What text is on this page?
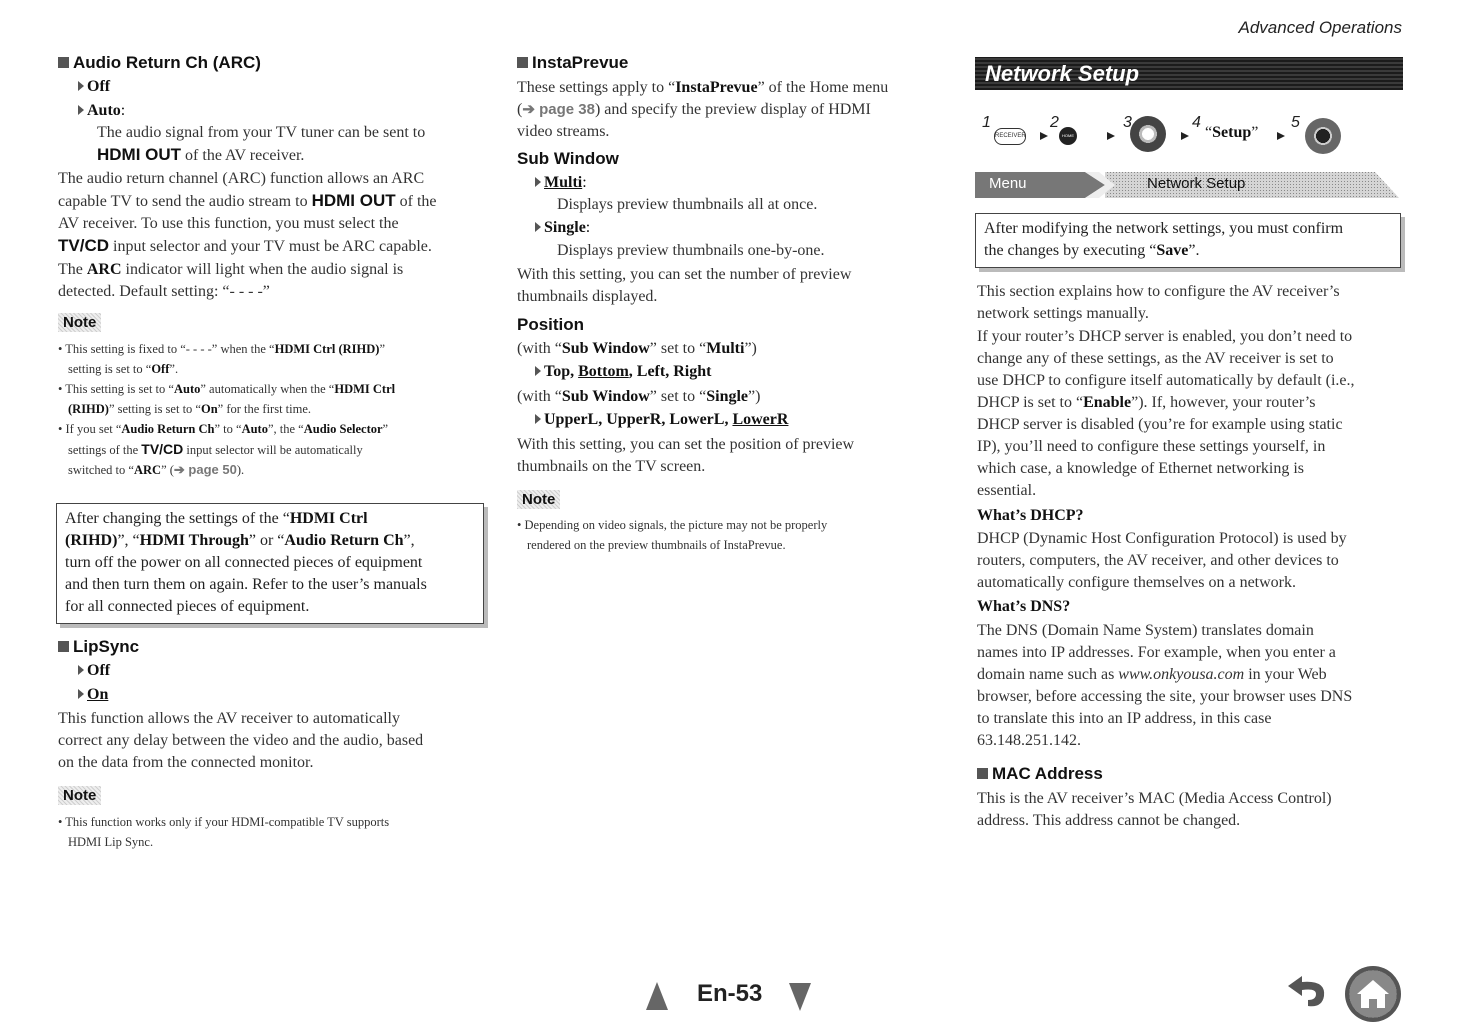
Advanced Operations
Audio Return Ch (ARC)
Off
Auto:
The audio signal from your TV tuner can be sent to
HDMI OUT of the AV receiver.
The audio return channel (ARC) function allows an ARC
capable TV to send the audio stream to HDMI OUT of the
AV receiver. To use this function, you must select the
TV/CD input selector and your TV must be ARC capable.
The ARC indicator will light when the audio signal is
detected. Default setting: “- - - -”
Note
• This setting is fixed to “- - - -” when the “HDMI Ctrl (RIHD)”
setting is set to “Off”.
• This setting is set to “Auto” automatically when the “HDMI Ctrl
(RIHD)” setting is set to “On” for the first time.
• If you set “Audio Return Ch” to “Auto”, the “Audio Selector”
settings of the TV/CD input selector will be automatically
switched to “ARC” (➔ page 50).
After changing the settings of the “HDMI Ctrl
(RIHD)”, “HDMI Through” or “Audio Return Ch”,
turn off the power on all connected pieces of equipment
and then turn them on again. Refer to the user’s manuals
for all connected pieces of equipment.
LipSync
Off
On
This function allows the AV receiver to automatically
correct any delay between the video and the audio, based
on the data from the connected monitor.
Note
• This function works only if your HDMI-compatible TV supports
HDMI Lip Sync.
InstaPrevue
These settings apply to “InstaPrevue” of the Home menu
(➔ page 38) and specify the preview display of HDMI
video streams.
Sub Window
Multi:
Displays preview thumbnails all at once.
Single:
Displays preview thumbnails one-by-one.
With this setting, you can set the number of preview
thumbnails displayed.
Position
(with “Sub Window” set to “Multi”)
Top, Bottom, Left, Right
(with “Sub Window” set to “Single”)
UpperL, UpperR, LowerL, LowerR
With this setting, you can set the position of preview
thumbnails on the TV screen.
Note
• Depending on video signals, the picture may not be properly
rendered on the preview thumbnails of InstaPrevue.
Network Setup
1
RECEIVER
2
HOME
3	4
“Setup”
5
Menu	Network Setup
After modifying the network settings, you must confirm
the changes by executing “Save”.
This section explains how to configure the AV receiver’s
network settings manually.
If your router’s DHCP server is enabled, you don’t need to
change any of these settings, as the AV receiver is set to
use DHCP to configure itself automatically by default (i.e.,
DHCP is set to “Enable”). If, however, your router’s
DHCP server is disabled (you’re for example using static
IP), you’ll need to configure these settings yourself, in
which case, a knowledge of Ethernet networking is
essential.
What’s DHCP?
DHCP (Dynamic Host Configuration Protocol) is used by
routers, computers, the AV receiver, and other devices to
automatically configure themselves on a network.
What’s DNS?
The DNS (Domain Name System) translates domain
names into IP addresses. For example, when you enter a
domain name such as www.onkyousa.com in your Web
browser, before accessing the site, your browser uses DNS
to translate this into an IP address, in this case
63.148.251.142.
MAC Address
This is the AV receiver’s MAC (Media Access Control)
address. This address cannot be changed.
En-53
